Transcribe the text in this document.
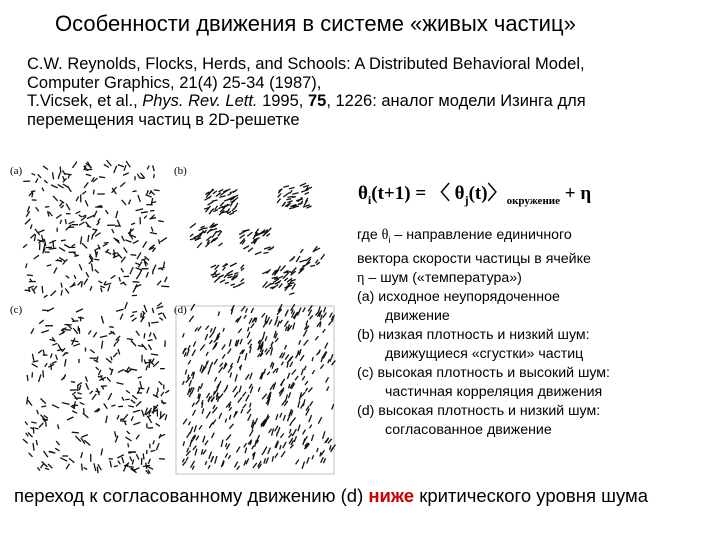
Особенности движения в системе «живых частиц»
C.W. Reynolds, Flocks, Herds, and Schools: A Distributed Behavioral Model,
Computer Graphics, 21(4) 25-34 (1987),
T.Vicsek, et al., Phys. Rev. Lett. 1995, 75, 1226: аналог модели Изинга для
перемещения частиц в 2D-решетке
(a)	(b)
(c)	(d)
$\theta_i(t+1)$ = 〈 $\theta_j(t)$〉$_{окружение}$ + η
где $\theta_i$ – направление единичного
вектора скорости частицы в ячейке
η – шум («температура»)
(a) исходное неупорядоченное
движение
(b) низкая плотность и низкий шум:
движущиеся «сгустки» частиц
(c) высокая плотность и высокий шум:
частичная корреляция движения
(d) высокая плотность и низкий шум:
согласованное движение
переход к согласованному движению (d) ниже критического уровня шума
